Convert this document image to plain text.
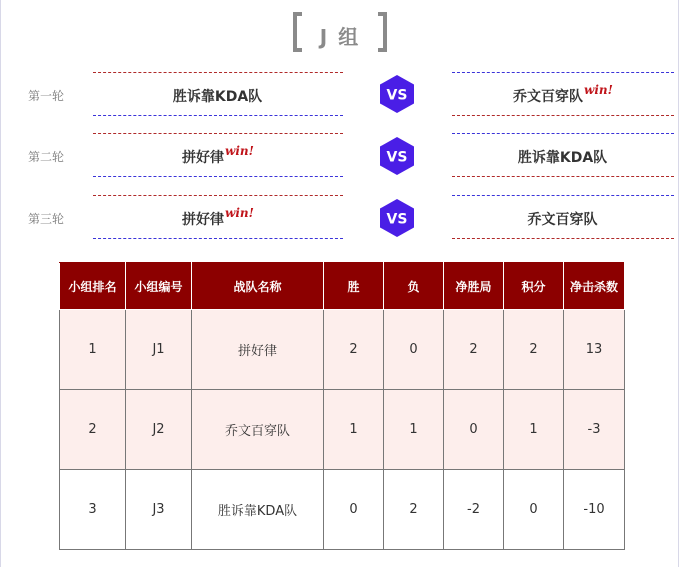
J 组
第一轮	胜诉靠KDA队	VS	乔文百穿队win!
第二轮	拼好律win!	VS	胜诉靠KDA队
第三轮	拼好律win!	VS	乔文百穿队
小组排名	小组编号	战队名称	胜	负	净胜局	积分	净击杀数
1	J1	拼好律	2	0	2	2	13
2	J2	乔文百穿队	1	1	0	1	-3
3	J3	胜诉靠KDA队	0	2	-2	0	-10
